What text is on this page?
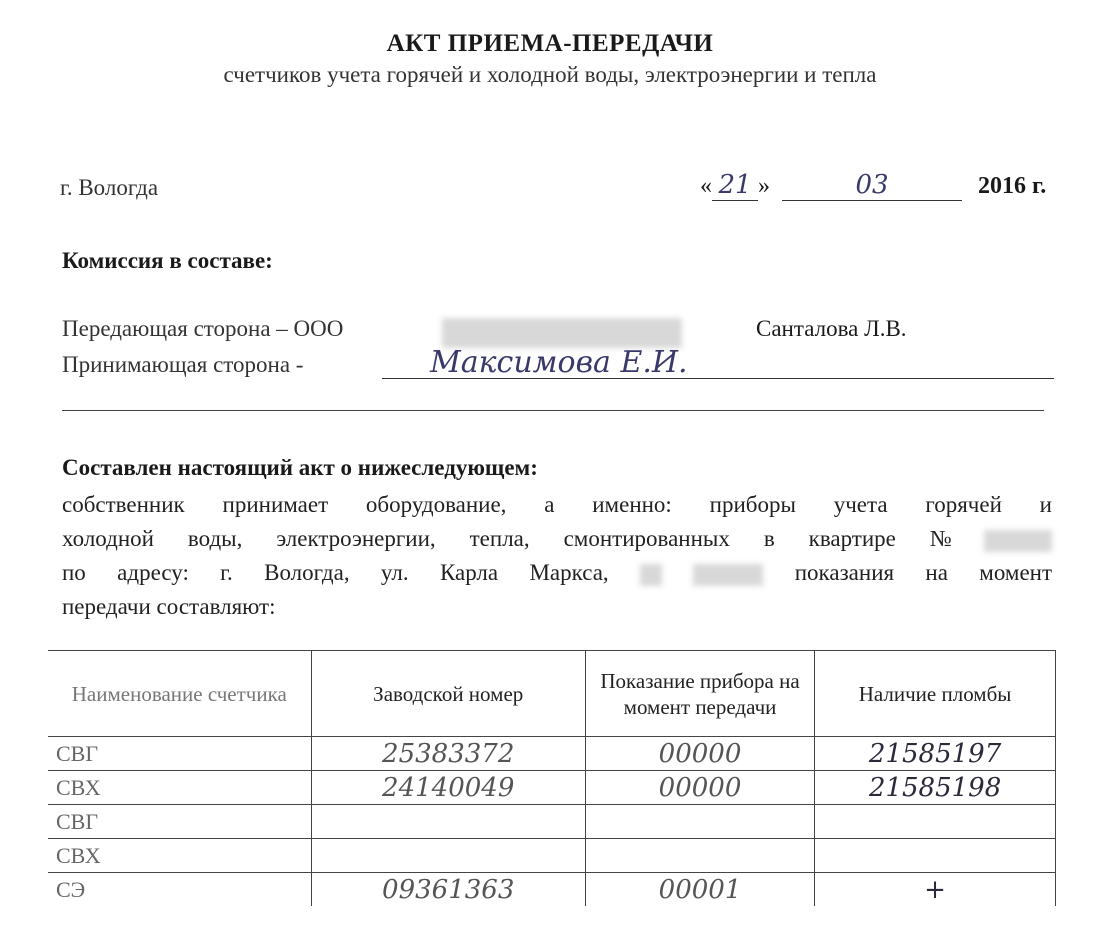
АКТ ПРИЕМА-ПЕРЕДАЧИ
счетчиков учета горячей и холодной воды, электроэнергии и тепла
г. Вологда	« 21 »	03	2016 г.
Комиссия в составе:
Передающая сторона – ООО	Санталова Л.В.
Принимающая сторона -	Максимова Е.И.
Составлен настоящий акт о нижеследующем:
собственник принимает оборудование, а именно: приборы учета горячей и
холодной воды, электроэнергии, тепла, смонтированных в квартире №
по адресу: г. Вологда, ул. Карла Маркса,	показания на момент
передачи составляют:
Наименование счетчика	Заводской номер	Показание прибора на момент передачи	Наличие пломбы
СВГ	25383372	00000	21585197
СВХ	24140049	00000	21585198
СВГ			
СВХ			
СЭ	09361363	00001	+
